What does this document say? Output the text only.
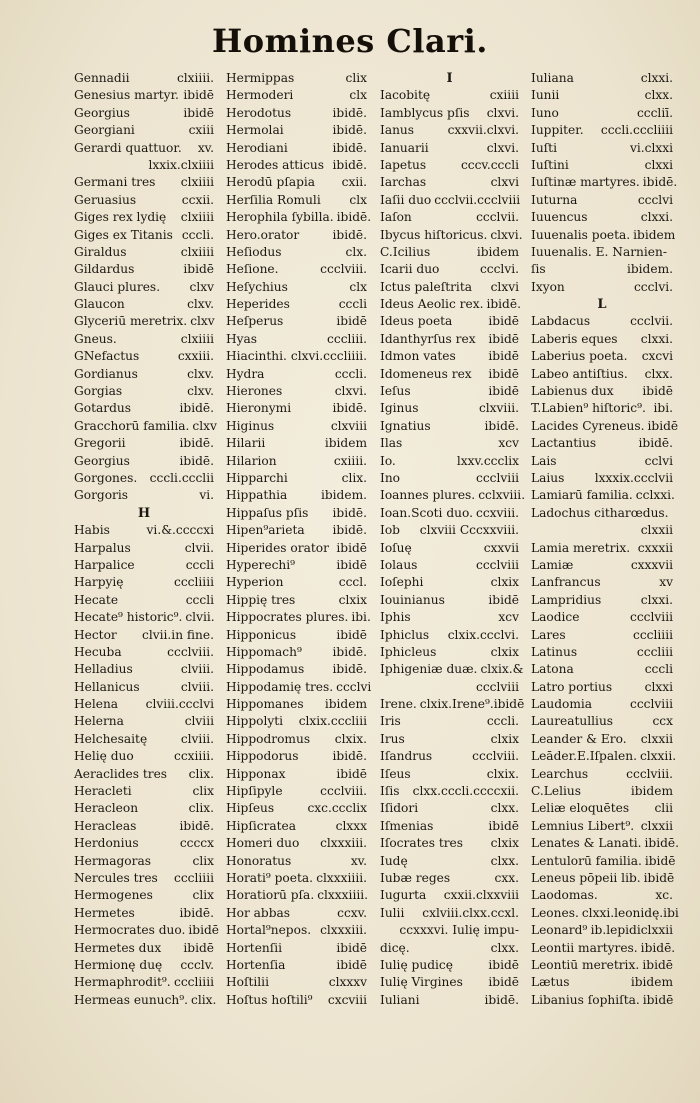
Homines Clari.
Gennadii	clxiiii.
Genesius martyr. ibidē
Georgius	ibidē
Georgiani	cxiii
Gerardi quattuor. xv.
lxxix.clxiiii
Germani tres clxiiii
Geruasius	ccxii.
Giges rex lydię clxiiii
Giges ex Titanis cccli.
Giraldus	clxiiii
Gildardus	ibidē
Glauci plures. clxv
Glaucon	clxv.
Glyceriū meretrix. clxv
Gneus.	clxiiii
GNefactus	cxxiii.
Gordianus	clxv.
Gorgias	clxv.
Gotardus	ibidē.
Gracchorū familia. clxv
Gregorii	ibidē.
Georgius	ibidē.
Gorgones. cccli.ccclii
Gorgoris	vi.
H
Habis	vi.&.ccccxi
Harpalus	clvii.
Harpalice	cccli
Harpyię	cccliiii
Hecate	cccli
Hecate⁹ historic⁹. clvii.
Hector clvii.in fine.
Hecuba	ccclviii.
Helladius	clviii.
Hellanicus	clviii.
Helena clviii.ccclvi
Helerna	clviii
Helchesaitę	clviii.
Helię duo	ccxiiii.
Aeraclides tres clix.
Heracleti	clix
Heracleon	clix.
Heracleas	ibidē.
Herdonius	ccccx
Hermagoras	clix
Nercules tres cccliiii
Hermogenes	clix
Hermetes	ibidē.
Hermocrates duo. ibidē
Hermetes dux ibidē
Hermionę duę ccclv.
Hermaphrodit⁹. cccliiii
Hermeas eunuch⁹. clix.
Hermippas	clix
Hermoderi	clx
Herodotus	ibidē.
Hermolai	ibidē.
Herodiani	ibidē.
Herodes atticus ibidē.
Herodū pſapia cxii.
Herſilia Romuli clx
Herophila ſybilla. ibidē.
Hero.orator	ibidē.
Heſiodus	clx.
Heſione.	ccclviii.
Heſychius	clx
Heperides	cccli
Heſperus	ibidē
Hyas	cccliii.
Hiacinthi. clxvi.cccliiii.
Hydra	cccli.
Hierones	clxvi.
Hieronymi	ibidē.
Higinus	clxviii
Hilarii	ibidem
Hilarion	cxiiii.
Hipparchi	clix.
Hippathia	ibidem.
Hippaſus pſis ibidē.
Hipen⁹arieta ibidē.
Hiperides orator ibidē
Hyperechi⁹	ibidē
Hyperion	cccl.
Hippię tres	clxix
Hippocrates plures. ibi.
Hipponicus	ibidē
Hippomach⁹	ibidē.
Hippodamus ibidē.
Hippodamię tres. ccclvi
Hippomanes ibidem
Hippolyti clxix.cccliii
Hippodromus clxix.
Hippodorus	ibidē.
Hipponax	ibidē
Hipſipyle	ccclviii.
Hipſeus	cxc.ccclix
Hipſicratea	clxxx
Homeri duo clxxxiii.
Honoratus	xv.
Horati⁹ poeta. clxxxiiii.
Horatiorū pſa. clxxxiiii.
Hor abbas	ccxv.
Hortal⁹nepos. clxxxiii.
Hortenſii	ibidē
Hortenſia	ibidē
Hoſtilii	clxxxv
Hoſtus hoſtili⁹ cxcviii
I
Iacobitę	cxiiii
Iamblycus pſis clxvi.
Ianus	cxxvii.clxvi.
Ianuarii	clxvi.
Iapetus	cccv.cccli
Iarchas	clxvi
Iaſii duo ccclvii.ccclviii
Iaſon	ccclvii.
Ibycus hiſtoricus. clxvi.
C.Icilius	ibidem
Icarii duo	ccclvi.
Ictus paleſtrita clxvi
Ideus Aeolic rex. ibidē.
Ideus poeta	ibidē
Idanthyrſus rex ibidē
Idmon vates	ibidē
Idomeneus rex ibidē
Ieſus	ibidē
Iginus	clxviii.
Ignatius	ibidē.
Ilas	xcv
Io.	lxxv.ccclix
Ino	ccclviii
Ioannes plures. cclxviii.
Ioan.Scoti duo. ccxviii.
Iob clxviii Cccxxviii.
Ioſuę	cxxvii
Iolaus	ccclviii
Ioſephi	clxix
Iouinianus	ibidē
Iphis	xcv
Iphiclus clxix.ccclvi.
Iphicleus	clxix
Iphigeniæ duæ. clxix.&
ccclviii
Irene. clxix.Irene⁹.ibidē
Iris	cccli.
Irus	clxix
Iſandrus	ccclviii.
Iſeus	clxix.
Iſis clxx.cccli.ccccxii.
Iſidori	clxx.
Iſmenias	ibidē
Iſocrates tres clxix
Iudę	clxx.
Iubæ reges	cxx.
Iugurta cxxii.clxxviii
Iulii cxlviii.clxx.ccxl.
ccxxxvi. Iulię impu-
dicę.	clxx.
Iulię pudicę	ibidē
Iulię Virgines ibidē
Iuliani	ibidē.
Iuliana	clxxi.
Iunii	clxx.
Iuno	cccliī.
Iuppiter. cccli.cccliiii
Iuſti	vi.clxxi
Iuſtini	clxxi
Iuſtinæ martyres. ibidē.
Iuturna	ccclvi
Iuuencus	clxxi.
Iuuenalis poeta. ibidem
Iuuenalis. E. Narnien-
ſis	ibidem.
Ixyon	ccclvi.
L
Labdacus	ccclvii.
Laberis eques clxxi.
Laberius poeta. cxcvi
Labeo antiſtius. clxx.
Labienus dux ibidē
T.Labien⁹ hiſtoric⁹. ibi.
Lacides Cyreneus. ibidē
Lactantius	ibidē.
Lais	cclvi
Laius lxxxix.ccclvii
Lamiarū familia. cclxxi.
Ladochus citharœdus.
clxxii
Lamia meretrix. cxxxii
Lamiæ	cxxxvii
Lanfrancus	xv
Lampridius	clxxi.
Laodice	ccclviii
Lares	cccliiii
Latinus	cccliii
Latona	cccli
Latro portius	clxxi
Laudomia	ccclviii
Laureatullius	ccx
Leander & Ero. clxxii
Leāder.E.Iſpalen. clxxii.
Learchus	ccclviii.
C.Lelius	ibidem
Leliæ eloquētes clii
Lemnius Libert⁹. clxxii
Lenates & Lanati. ibidē.
Lentulorū familia. ibidē
Leneus pōpeii lib. ibidē
Laodomas.	xc.
Leones. clxxi.leonidę.ibi
Leonard⁹ ib.lepidiclxxii
Leontii martyres. ibidē.
Leontiū meretrix. ibidē
Lætus	ibidem
Libanius ſophiſta. ibidē
